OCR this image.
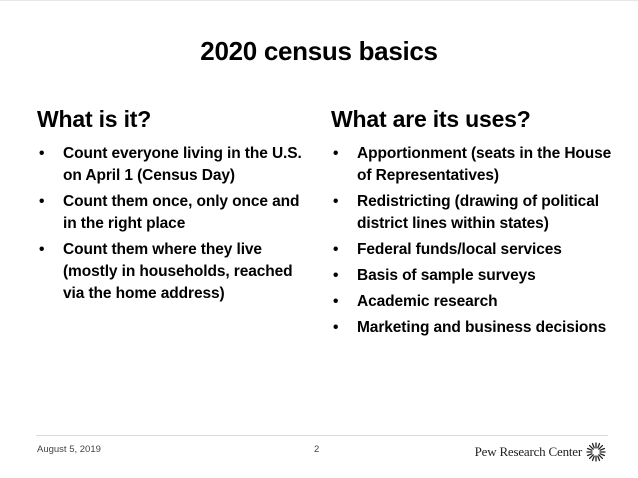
2020 census basics
What is it?
• Count everyone living in the U.S. on April 1 (Census Day)
• Count them once, only once and in the right place
• Count them where they live (mostly in households, reached via the home address)
What are its uses?
• Apportionment (seats in the House of Representatives)
• Redistricting (drawing of political district lines within states)
• Federal funds/local services
• Basis of sample surveys
• Academic research
• Marketing and business decisions
August 5, 2019	2	Pew Research Center
